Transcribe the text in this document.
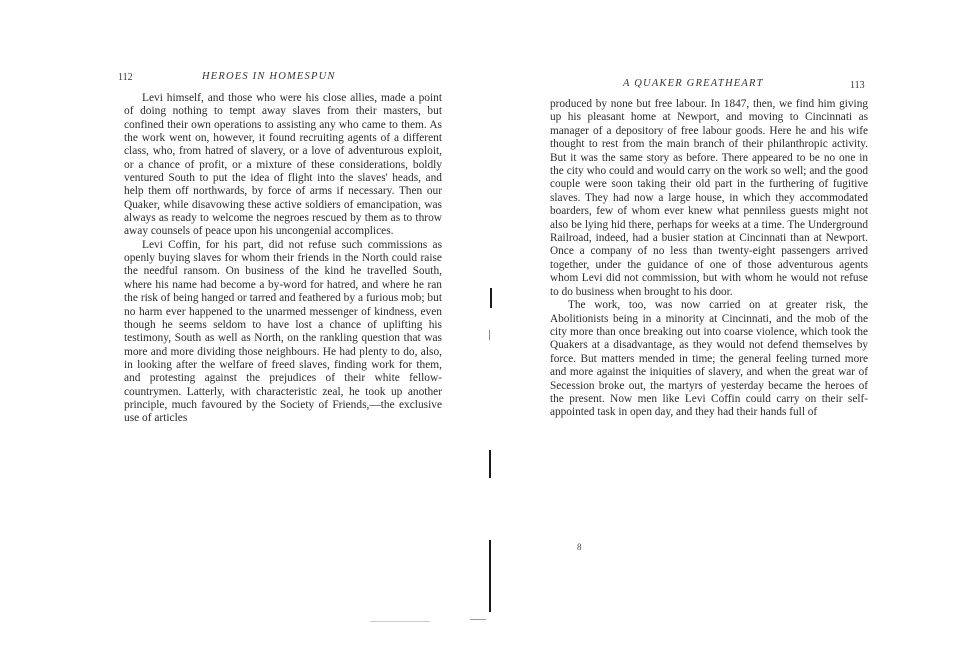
112	HEROES IN HOMESPUN

Levi himself, and those who were his close allies, made a point of doing nothing to tempt away slaves from their masters, but confined their own operations to assisting any who came to them. As the work went on, however, it found recruiting agents of a different class, who, from hatred of slavery, or a love of adventurous exploit, or a chance of profit, or a mixture of these considerations, boldly ventured South to put the idea of flight into the slaves' heads, and help them off northwards, by force of arms if necessary. Then our Quaker, while disavowing these active soldiers of emancipation, was always as ready to welcome the negroes rescued by them as to throw away counsels of peace upon his uncongenial accomplices.

Levi Coffin, for his part, did not refuse such commissions as openly buying slaves for whom their friends in the North could raise the needful ransom. On business of the kind he travelled South, where his name had become a by-word for hatred, and where he ran the risk of being hanged or tarred and feathered by a furious mob; but no harm ever happened to the unarmed messenger of kindness, even though he seems seldom to have lost a chance of uplifting his testimony, South as well as North, on the rankling question that was more and more dividing those neighbours. He had plenty to do, also, in looking after the welfare of freed slaves, finding work for them, and protesting against the prejudices of their white fellow-countrymen. Latterly, with characteristic zeal, he took up another principle, much favoured by the Society of Friends,—the exclusive use of articles

A QUAKER GREATHEART	113

produced by none but free labour. In 1847, then, we find him giving up his pleasant home at Newport, and moving to Cincinnati as manager of a depository of free labour goods. Here he and his wife thought to rest from the main branch of their philanthropic activity. But it was the same story as before. There appeared to be no one in the city who could and would carry on the work so well; and the good couple were soon taking their old part in the furthering of fugitive slaves. They had now a large house, in which they accommodated boarders, few of whom ever knew what penniless guests might not also be lying hid there, perhaps for weeks at a time. The Underground Railroad, indeed, had a busier station at Cincinnati than at Newport. Once a company of no less than twenty-eight passengers arrived together, under the guidance of one of those adventurous agents whom Levi did not commission, but with whom he would not refuse to do business when brought to his door.

The work, too, was now carried on at greater risk, the Abolitionists being in a minority at Cincinnati, and the mob of the city more than once breaking out into coarse violence, which took the Quakers at a disadvantage, as they would not defend themselves by force. But matters mended in time; the general feeling turned more and more against the iniquities of slavery, and when the great war of Secession broke out, the martyrs of yesterday became the heroes of the present. Now men like Levi Coffin could carry on their self-appointed task in open day, and they had their hands full of

8
